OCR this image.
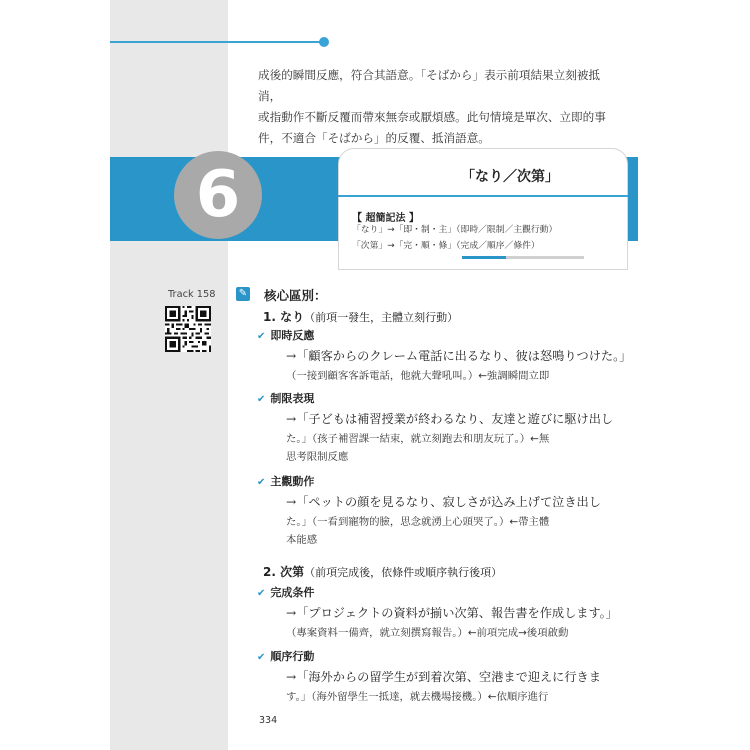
成後的瞬間反應，符合其語意。「そばから」表示前項結果立刻被抵消，

或指動作不斷反覆而帶來無奈或厭煩感。此句情境是單次、立即的事

件，不適合「そばから」的反覆、抵消語意。

6	「なり／次第」
【 超簡記法 】
「なり」→「即・制・主」（即時／限制／主觀行動）
「次第」→「完・順・條」（完成／順序／條件）
Track 158	✎ 核心區別：
1. なり（前項一發生，主體立刻行動）
✔ 即時反應
→「顧客からのクレーム電話に出るなり、彼は怒鳴りつけた。」
（一接到顧客客訴電話，他就大聲吼叫。）←強調瞬間立即
✔ 制限表現
→「子どもは補習授業が終わるなり、友達と遊びに駆け出し
た。」（孩子補習課一結束，就立刻跑去和朋友玩了。）←無
思考限制反應
✔ 主觀動作
→「ペットの顔を見るなり、寂しさが込み上げて泣き出し
た。」（一看到寵物的臉，思念就湧上心頭哭了。）←帶主體
本能感
2. 次第（前項完成後，依條件或順序執行後項）
✔ 完成条件
→「プロジェクトの資料が揃い次第、報告書を作成します。」
（專案資料一備齊，就立刻撰寫報告。）←前項完成→後項啟動
✔ 順序行動
→「海外からの留学生が到着次第、空港まで迎えに行きま
す。」（海外留學生一抵達，就去機場接機。）←依順序進行
334
